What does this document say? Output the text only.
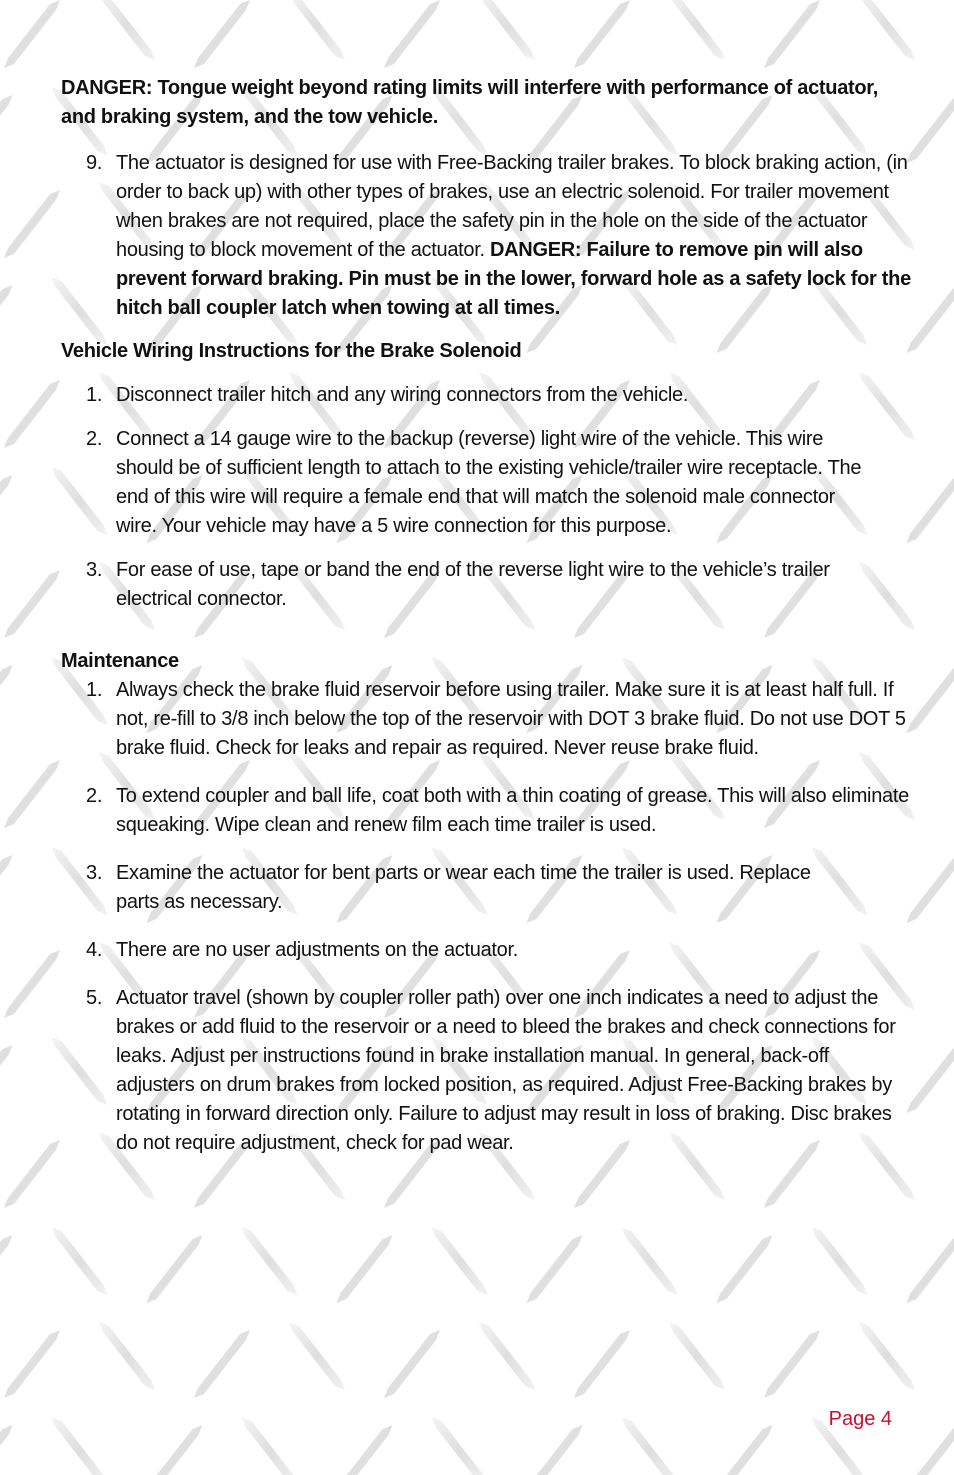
DANGER: Tongue weight beyond rating limits will interfere with performance of actuator, and braking system, and the tow vehicle.

9. The actuator is designed for use with Free-Backing trailer brakes. To block braking action, (in order to back up) with other types of brakes, use an electric solenoid. For trailer movement when brakes are not required, place the safety pin in the hole on the side of the actuator housing to block movement of the actuator. DANGER: Failure to remove pin will also prevent forward braking. Pin must be in the lower, forward hole as a safety lock for the hitch ball coupler latch when towing at all times.
Vehicle Wiring Instructions for the Brake Solenoid
1. Disconnect trailer hitch and any wiring connectors from the vehicle.
2. Connect a 14 gauge wire to the backup (reverse) light wire of the vehicle. This wire should be of sufficient length to attach to the existing vehicle/trailer wire receptacle. The end of this wire will require a female end that will match the solenoid male connector wire. Your vehicle may have a 5 wire connection for this purpose.
3. For ease of use, tape or band the end of the reverse light wire to the vehicle’s trailer electrical connector.
Maintenance
1. Always check the brake fluid reservoir before using trailer. Make sure it is at least half full. If not, re-fill to 3/8 inch below the top of the reservoir with DOT 3 brake fluid. Do not use DOT 5 brake fluid. Check for leaks and repair as required. Never reuse brake fluid.
2. To extend coupler and ball life, coat both with a thin coating of grease. This will also eliminate squeaking. Wipe clean and renew film each time trailer is used.
3. Examine the actuator for bent parts or wear each time the trailer is used. Replace parts as necessary.
4. There are no user adjustments on the actuator.
5. Actuator travel (shown by coupler roller path) over one inch indicates a need to adjust the brakes or add fluid to the reservoir or a need to bleed the brakes and check connections for leaks. Adjust per instructions found in brake installation manual. In general, back-off adjusters on drum brakes from locked position, as required. Adjust Free-Backing brakes by rotating in forward direction only. Failure to adjust may result in loss of braking. Disc brakes do not require adjustment, check for pad wear.
Page 4
